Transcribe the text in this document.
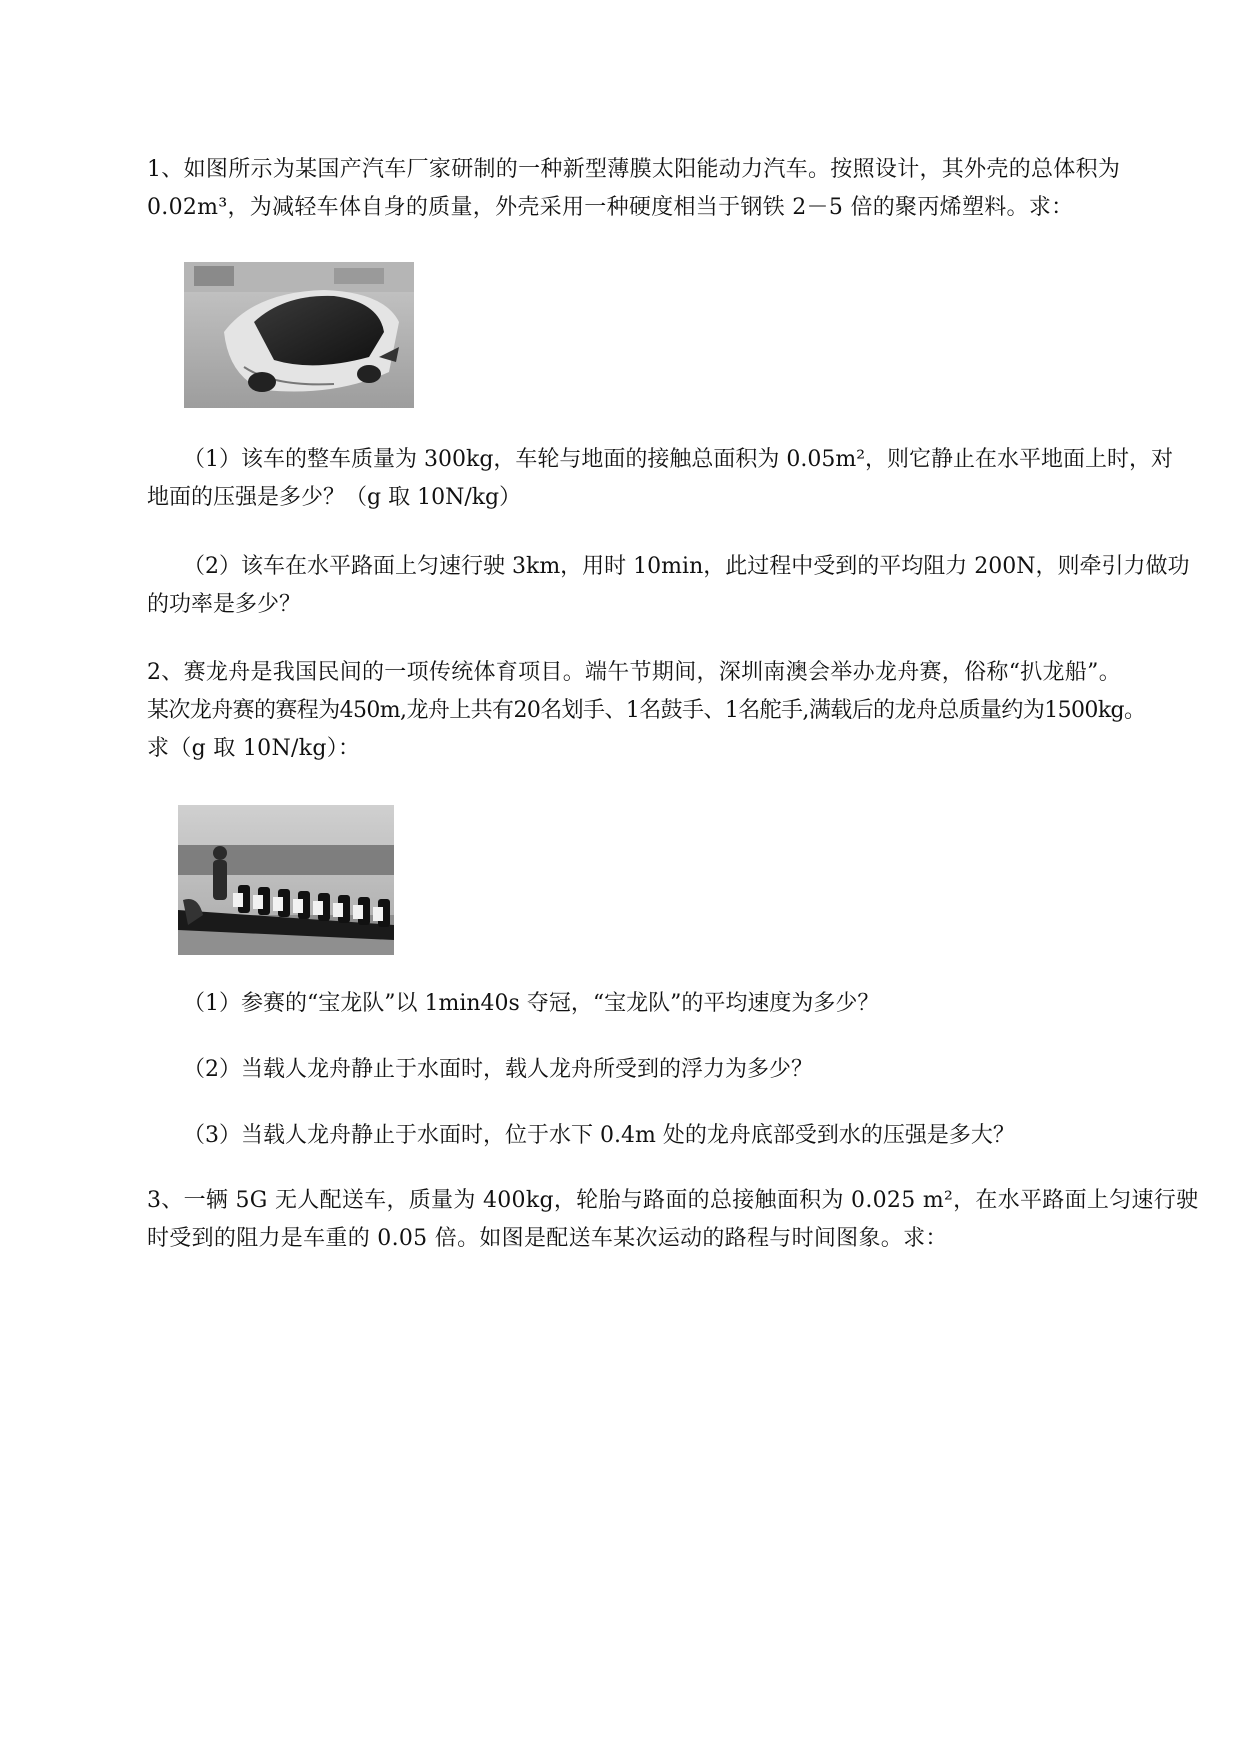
1、如图所示为某国产汽车厂家研制的一种新型薄膜太阳能动力汽车。按照设计，其外壳的总体积为
0.02m³，为减轻车体自身的质量，外壳采用一种硬度相当于钢铁 2－5 倍的聚丙烯塑料。求：
（1）该车的整车质量为 300kg，车轮与地面的接触总面积为 0.05m²，则它静止在水平地面上时，对
地面的压强是多少？（g 取 10N/kg）
（2）该车在水平路面上匀速行驶 3km，用时 10min，此过程中受到的平均阻力 200N，则牵引力做功
的功率是多少？
2、赛龙舟是我国民间的一项传统体育项目。端午节期间，深圳南澳会举办龙舟赛，俗称“扒龙船”。
某次龙舟赛的赛程为450m,龙舟上共有20名划手、1名鼓手、1名舵手,满载后的龙舟总质量约为1500kg。
求（g 取 10N/kg）：
（1）参赛的“宝龙队”以 1min40s 夺冠，“宝龙队”的平均速度为多少？
（2）当载人龙舟静止于水面时，载人龙舟所受到的浮力为多少？
（3）当载人龙舟静止于水面时，位于水下 0.4m 处的龙舟底部受到水的压强是多大？
3、一辆 5G 无人配送车，质量为 400kg，轮胎与路面的总接触面积为 0.025 m²，在水平路面上匀速行驶
时受到的阻力是车重的 0.05 倍。如图是配送车某次运动的路程与时间图象。求：
